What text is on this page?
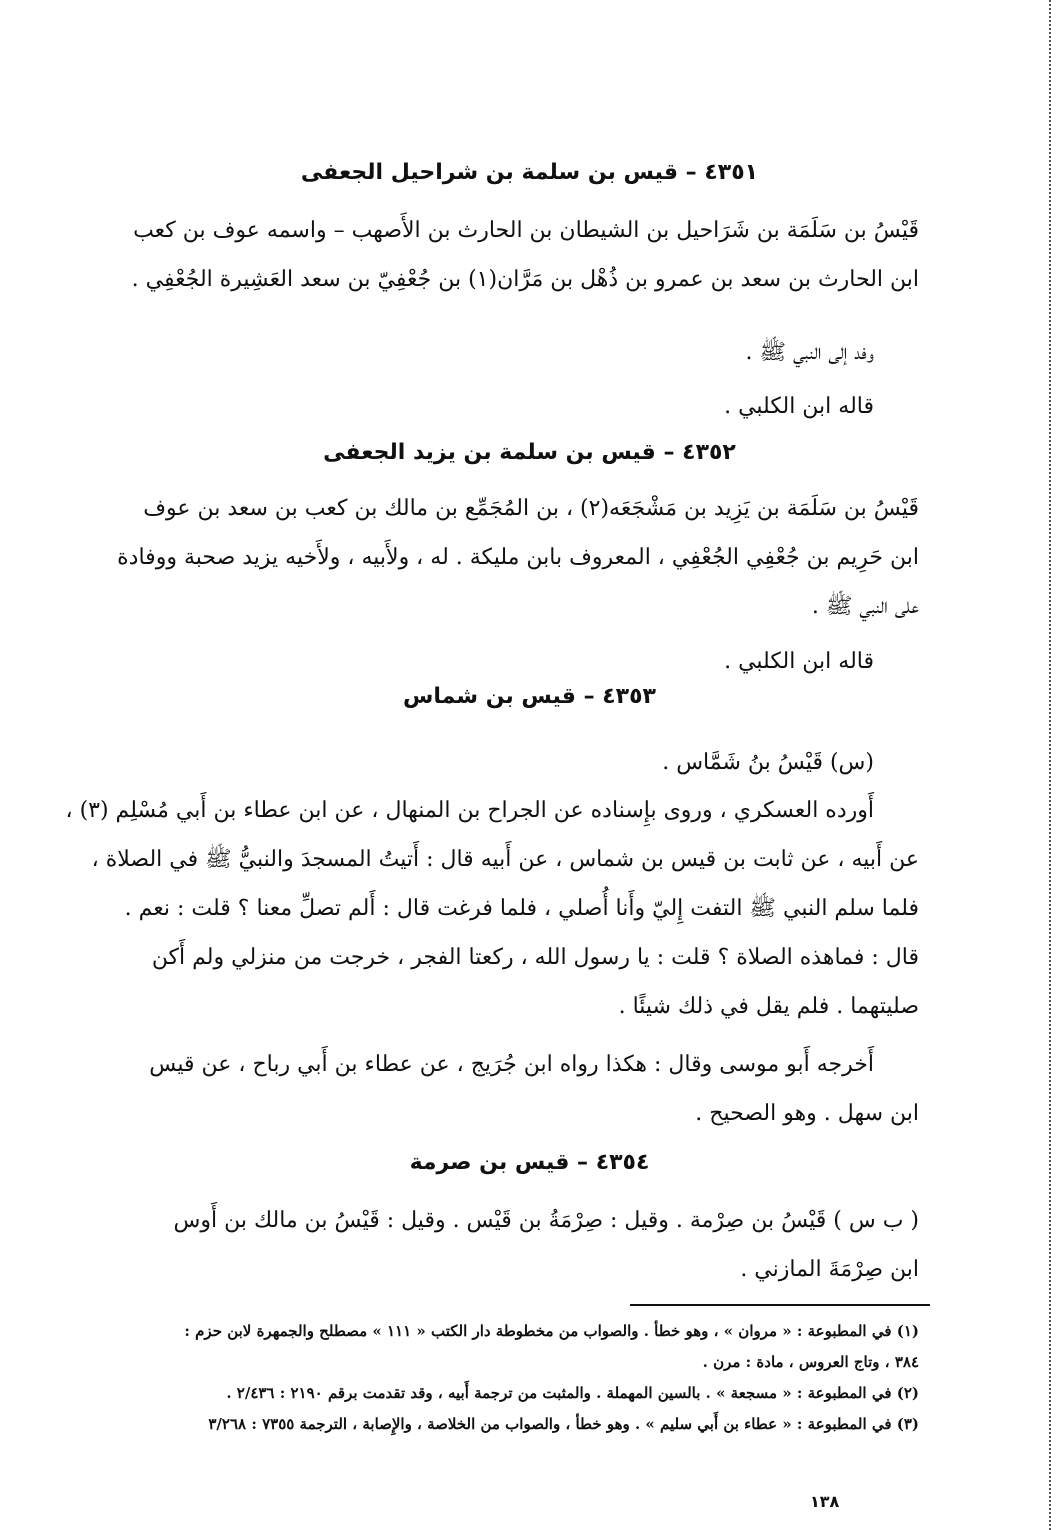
٤٣٥١ – قيس بن سلمة بن شراحيل الجعفى
قَيْسُ بن سَلَمَة بن شَرَاحيل بن الشيطان بن الحارث بن الأَصهب – واسمه عوف بن كعب
ابن الحارث بن سعد بن عمرو بن ذُهْل بن مَرَّان(١) بن جُعْفِيّ بن سعد العَشِيرة الجُعْفِي .
وفد إلى النبي ﷺ .
قاله ابن الكلبي .
٤٣٥٢ – قيس بن سلمة بن يزيد الجعفى
قَيْسُ بن سَلَمَة بن يَزِيد بن مَشْجَعَه(٢) ، بن المُجَمِّع بن مالك بن كعب بن سعد بن عوف
ابن حَرِيم بن جُعْفِي الجُعْفِي ، المعروف بابن مليكة . له ، ولأَبيه ، ولأَخيه يزيد صحبة ووفادة
على النبي ﷺ .
قاله ابن الكلبي .
٤٣٥٣ – قيس بن شماس
(س) قَيْسُ بنُ شَمَّاس .
أَورده العسكري ، وروى بإِسناده عن الجراح بن المنهال ، عن ابن عطاء بن أَبي مُسْلِم (٣) ،
عن أَبيه ، عن ثابت بن قيس بن شماس ، عن أَبيه قال : أَتيتُ المسجدَ والنبيُّ ﷺ في الصلاة ،
فلما سلم النبي ﷺ التفت إِليّ وأَنا أُصلي ، فلما فرغت قال : أَلم تصلِّ معنا ؟ قلت : نعم .
قال : فماهذه الصلاة ؟ قلت : يا رسول الله ، ركعتا الفجر ، خرجت من منزلي ولم أَكن
صليتهما . فلم يقل في ذلك شيئًا .
أَخرجه أَبو موسى وقال : هكذا رواه ابن جُرَيج ، عن عطاء بن أَبي رباح ، عن قيس
ابن سهل . وهو الصحيح .
٤٣٥٤ – قيس بن صرمة
( ب س ) قَيْسُ بن صِرْمة . وقيل : صِرْمَةُ بن قَيْس . وقيل : قَيْسُ بن مالك بن أَوس
ابن صِرْمَةَ المازني .
(١) في المطبوعة : « مروان » ، وهو خطأ . والصواب من مخطوطة دار الكتب « ١١١ » مصطلح والجمهرة لابن حزم :
٣٨٤ ، وتاج العروس ، مادة : مرن .
(٢) في المطبوعة : « مسجعة » . بالسين المهملة . والمثبت من ترجمة أَبيه ، وقد تقدمت برقم ٢١٩٠ : ٢/٤٣٦ .
(٣) في المطبوعة : « عطاء بن أَبي سليم » . وهو خطأ ، والصواب من الخلاصة ، والإِصابة ، الترجمة ٧٣٥٥ : ٣/٢٦٨
١٣٨
